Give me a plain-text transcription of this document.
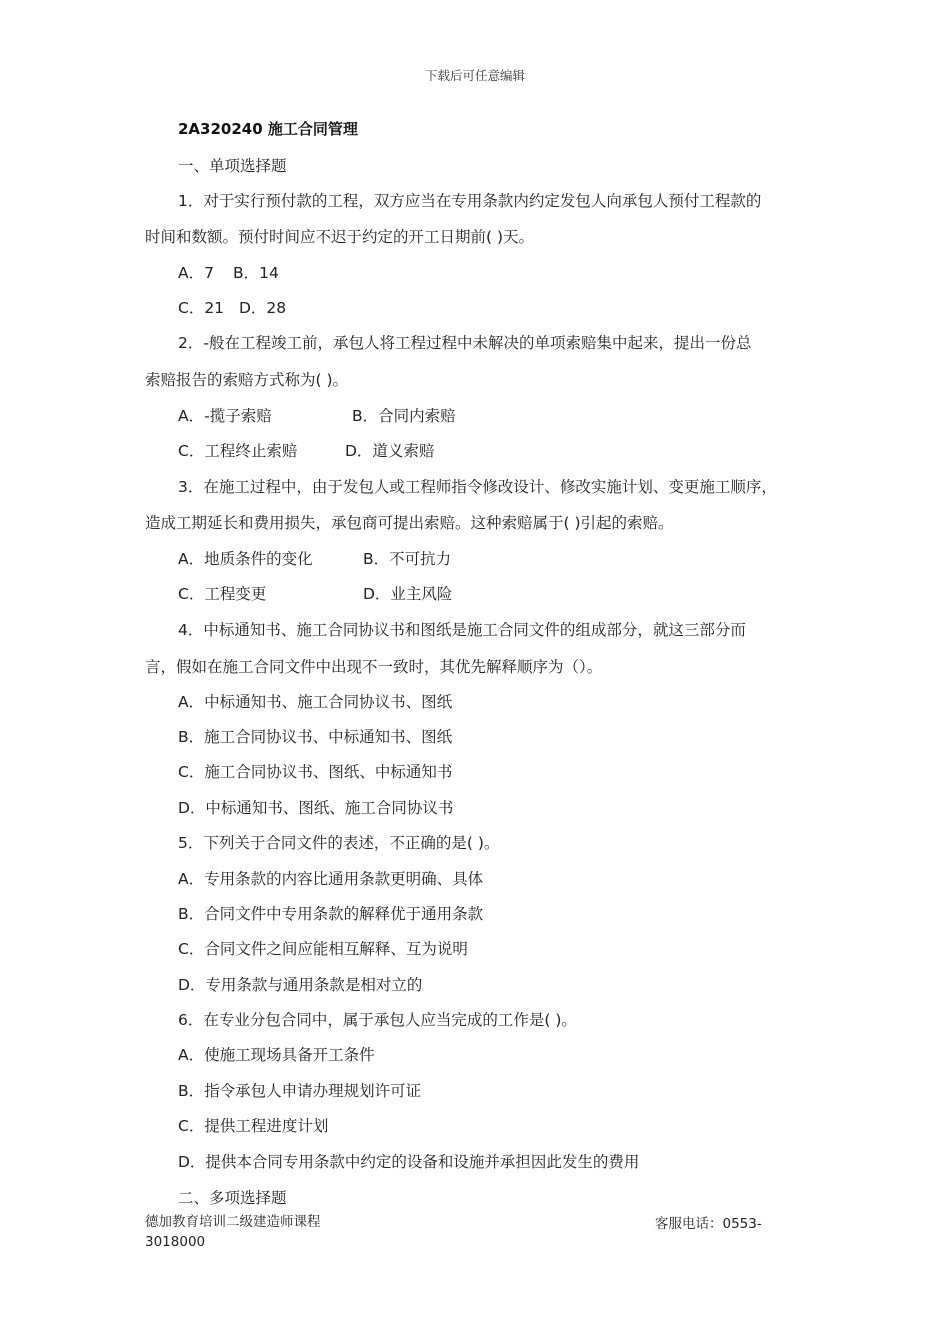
下载后可任意编辑
2A320240 施工合同管理
一、单项选择题
1．对于实行预付款的工程，双方应当在专用条款内约定发包人向承包人预付工程款的
时间和数额。预付时间应不迟于约定的开工日期前( )天。
A．7 B．14
C．21 D．28
2．-般在工程竣工前，承包人将工程过程中未解决的单项索赔集中起来，提出一份总
索赔报告的索赔方式称为( )。
A．-揽子索赔	B．合同内索赔
C．工程终止索赔	D．道义索赔
3．在施工过程中，由于发包人或工程师指令修改设计、修改实施计划、变更施工顺序，
造成工期延长和费用损失，承包商可提出索赔。这种索赔属于( )引起的索赔。
A．地质条件的变化	B．不可抗力
C．工程变更	D．业主风险
4．中标通知书、施工合同协议书和图纸是施工合同文件的组成部分，就这三部分而
言，假如在施工合同文件中出现不一致时，其优先解释顺序为（）。
A．中标通知书、施工合同协议书、图纸
B．施工合同协议书、中标通知书、图纸
C．施工合同协议书、图纸、中标通知书
D．中标通知书、图纸、施工合同协议书
5．下列关于合同文件的表述，不正确的是( )。
A．专用条款的内容比通用条款更明确、具体
B．合同文件中专用条款的解释优于通用条款
C．合同文件之间应能相互解释、互为说明
D．专用条款与通用条款是相对立的
6．在专业分包合同中，属于承包人应当完成的工作是( )。
A．使施工现场具备开工条件
B．指令承包人申请办理规划许可证
C．提供工程进度计划
D．提供本合同专用条款中约定的设备和设施并承担因此发生的费用
二、多项选择题
德加教育培训二级建造师课程
3018000
客服电话：0553-
